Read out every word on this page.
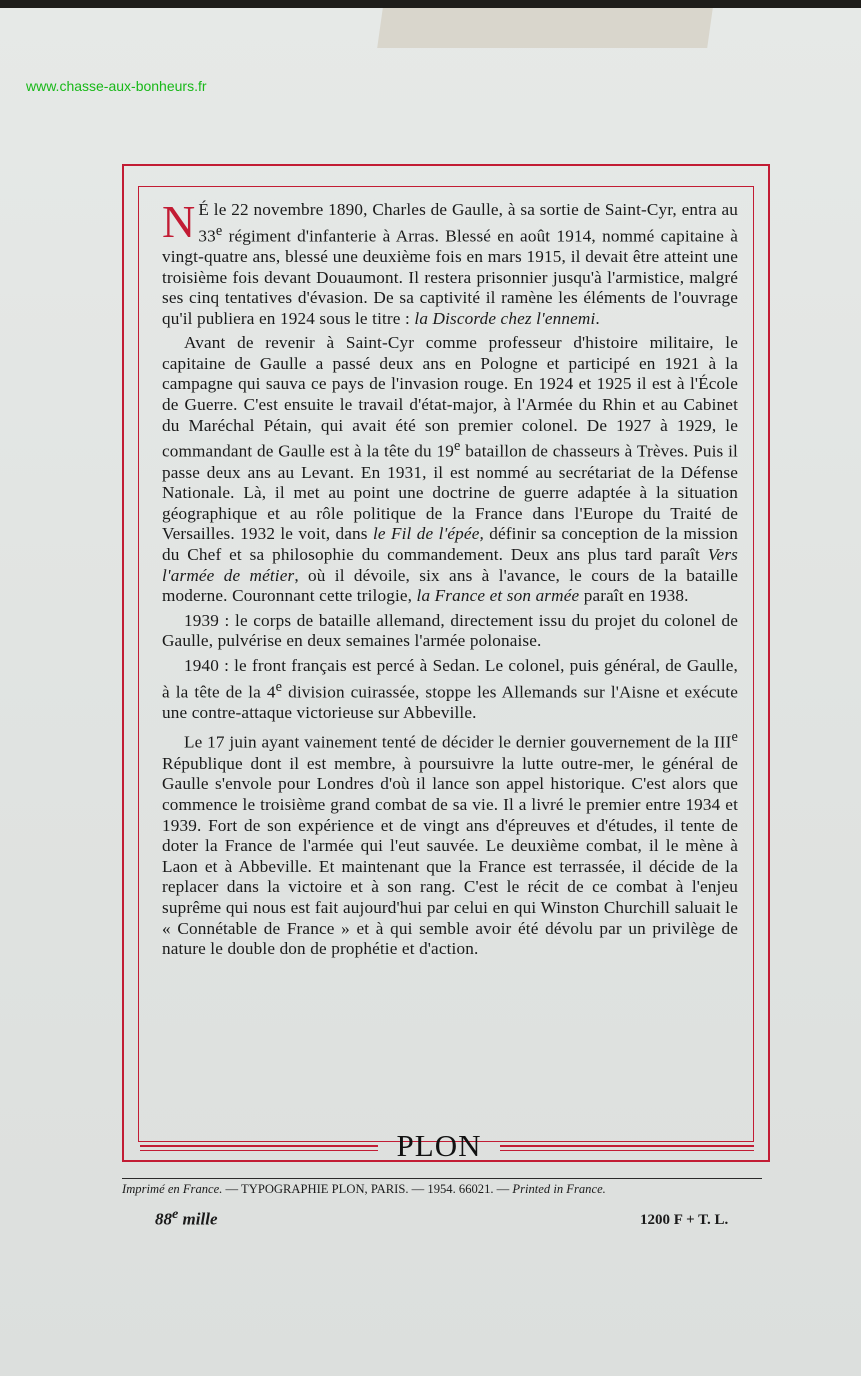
www.chasse-aux-bonheurs.fr

N É le 22 novembre 1890, Charles de Gaulle, à sa sortie de Saint-Cyr, entra au 33e régiment d'infanterie à Arras. Blessé en août 1914, nommé capitaine à vingt-quatre ans, blessé une deuxième fois en mars 1915, il devait être atteint une troisième fois devant Douaumont. Il restera prisonnier jusqu'à l'armistice, malgré ses cinq tentatives d'évasion. De sa captivité il ramène les éléments de l'ouvrage qu'il publiera en 1924 sous le titre : la Discorde chez l'ennemi.

Avant de revenir à Saint-Cyr comme professeur d'histoire militaire, le capitaine de Gaulle a passé deux ans en Pologne et participé en 1921 à la campagne qui sauva ce pays de l'invasion rouge. En 1924 et 1925 il est à l'École de Guerre. C'est ensuite le travail d'état-major, à l'Armée du Rhin et au Cabinet du Maréchal Pétain, qui avait été son premier colonel. De 1927 à 1929, le commandant de Gaulle est à la tête du 19e bataillon de chasseurs à Trèves. Puis il passe deux ans au Levant. En 1931, il est nommé au secrétariat de la Défense Nationale. Là, il met au point une doctrine de guerre adaptée à la situation géographique et au rôle politique de la France dans l'Europe du Traité de Versailles. 1932 le voit, dans le Fil de l'épée, définir sa conception de la mission du Chef et sa philosophie du commandement. Deux ans plus tard paraît Vers l'armée de métier, où il dévoile, six ans à l'avance, le cours de la bataille moderne. Couronnant cette trilogie, la France et son armée paraît en 1938.

1939 : le corps de bataille allemand, directement issu du projet du colonel de Gaulle, pulvérise en deux semaines l'armée polonaise.

1940 : le front français est percé à Sedan. Le colonel, puis général, de Gaulle, à la tête de la 4e division cuirassée, stoppe les Allemands sur l'Aisne et exécute une contre-attaque victorieuse sur Abbeville.

Le 17 juin ayant vainement tenté de décider le dernier gouvernement de la IIIe République dont il est membre, à poursuivre la lutte outre-mer, le général de Gaulle s'envole pour Londres d'où il lance son appel historique. C'est alors que commence le troisième grand combat de sa vie. Il a livré le premier entre 1934 et 1939. Fort de son expérience et de vingt ans d'épreuves et d'études, il tente de doter la France de l'armée qui l'eut sauvée. Le deuxième combat, il le mène à Laon et à Abbeville. Et maintenant que la France est terrassée, il décide de la replacer dans la victoire et à son rang. C'est le récit de ce combat à l'enjeu suprême qui nous est fait aujourd'hui par celui en qui Winston Churchill saluait le « Connétable de France » et à qui semble avoir été dévolu par un privilège de nature le double don de prophétie et d'action.

PLON
Imprimé en France. — TYPOGRAPHIE PLON, PARIS. — 1954. 66021. — Printed in France.
88e mille	1200 F + T. L.
